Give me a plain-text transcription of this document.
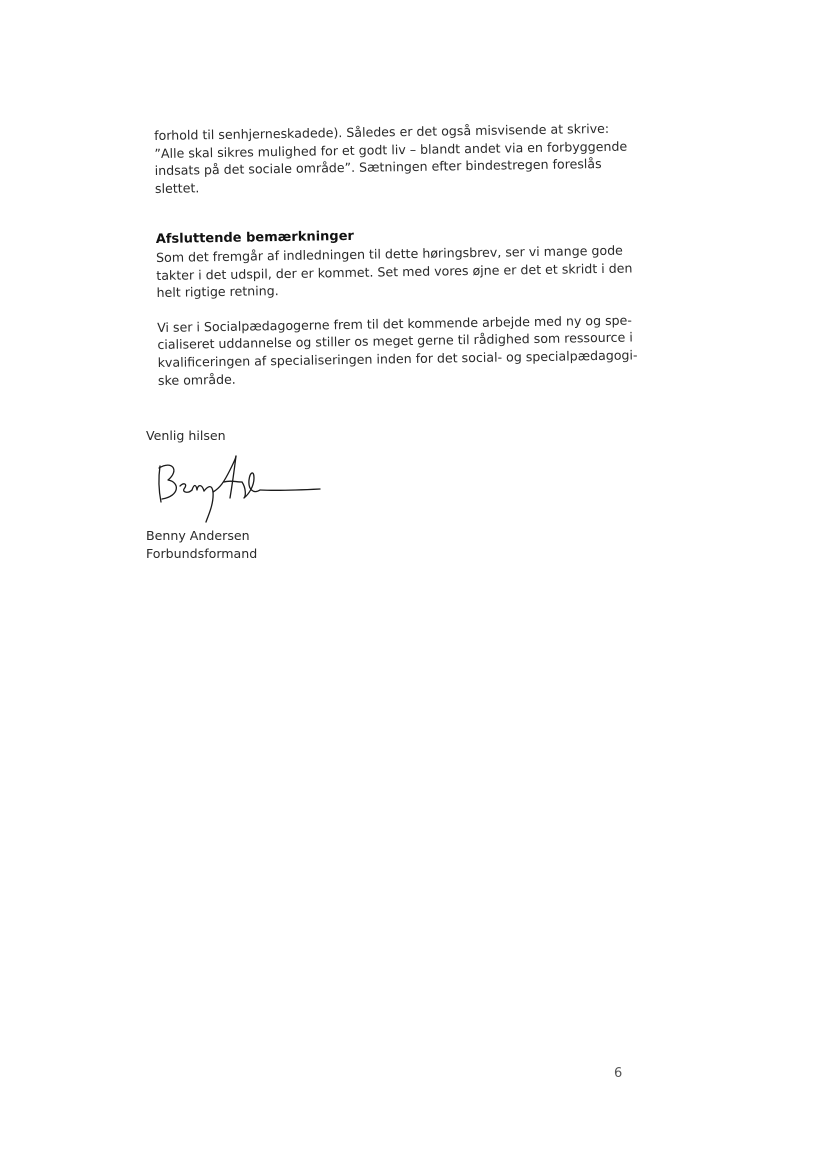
forhold til senhjerneskadede). Således er det også misvisende at skrive:

”Alle skal sikres mulighed for et godt liv – blandt andet via en forbyggende

indsats på det sociale område”. Sætningen efter bindestregen foreslås

slettet.

Afsluttende bemærkninger

Som det fremgår af indledningen til dette høringsbrev, ser vi mange gode

takter i det udspil, der er kommet. Set med vores øjne er det et skridt i den

helt rigtige retning.

Vi ser i Socialpædagogerne frem til det kommende arbejde med ny og spe-

cialiseret uddannelse og stiller os meget gerne til rådighed som ressource i

kvalificeringen af specialiseringen inden for det social- og specialpædagogi-

ske område.

Venlig hilsen
Benny Andersen
Forbundsformand
6
